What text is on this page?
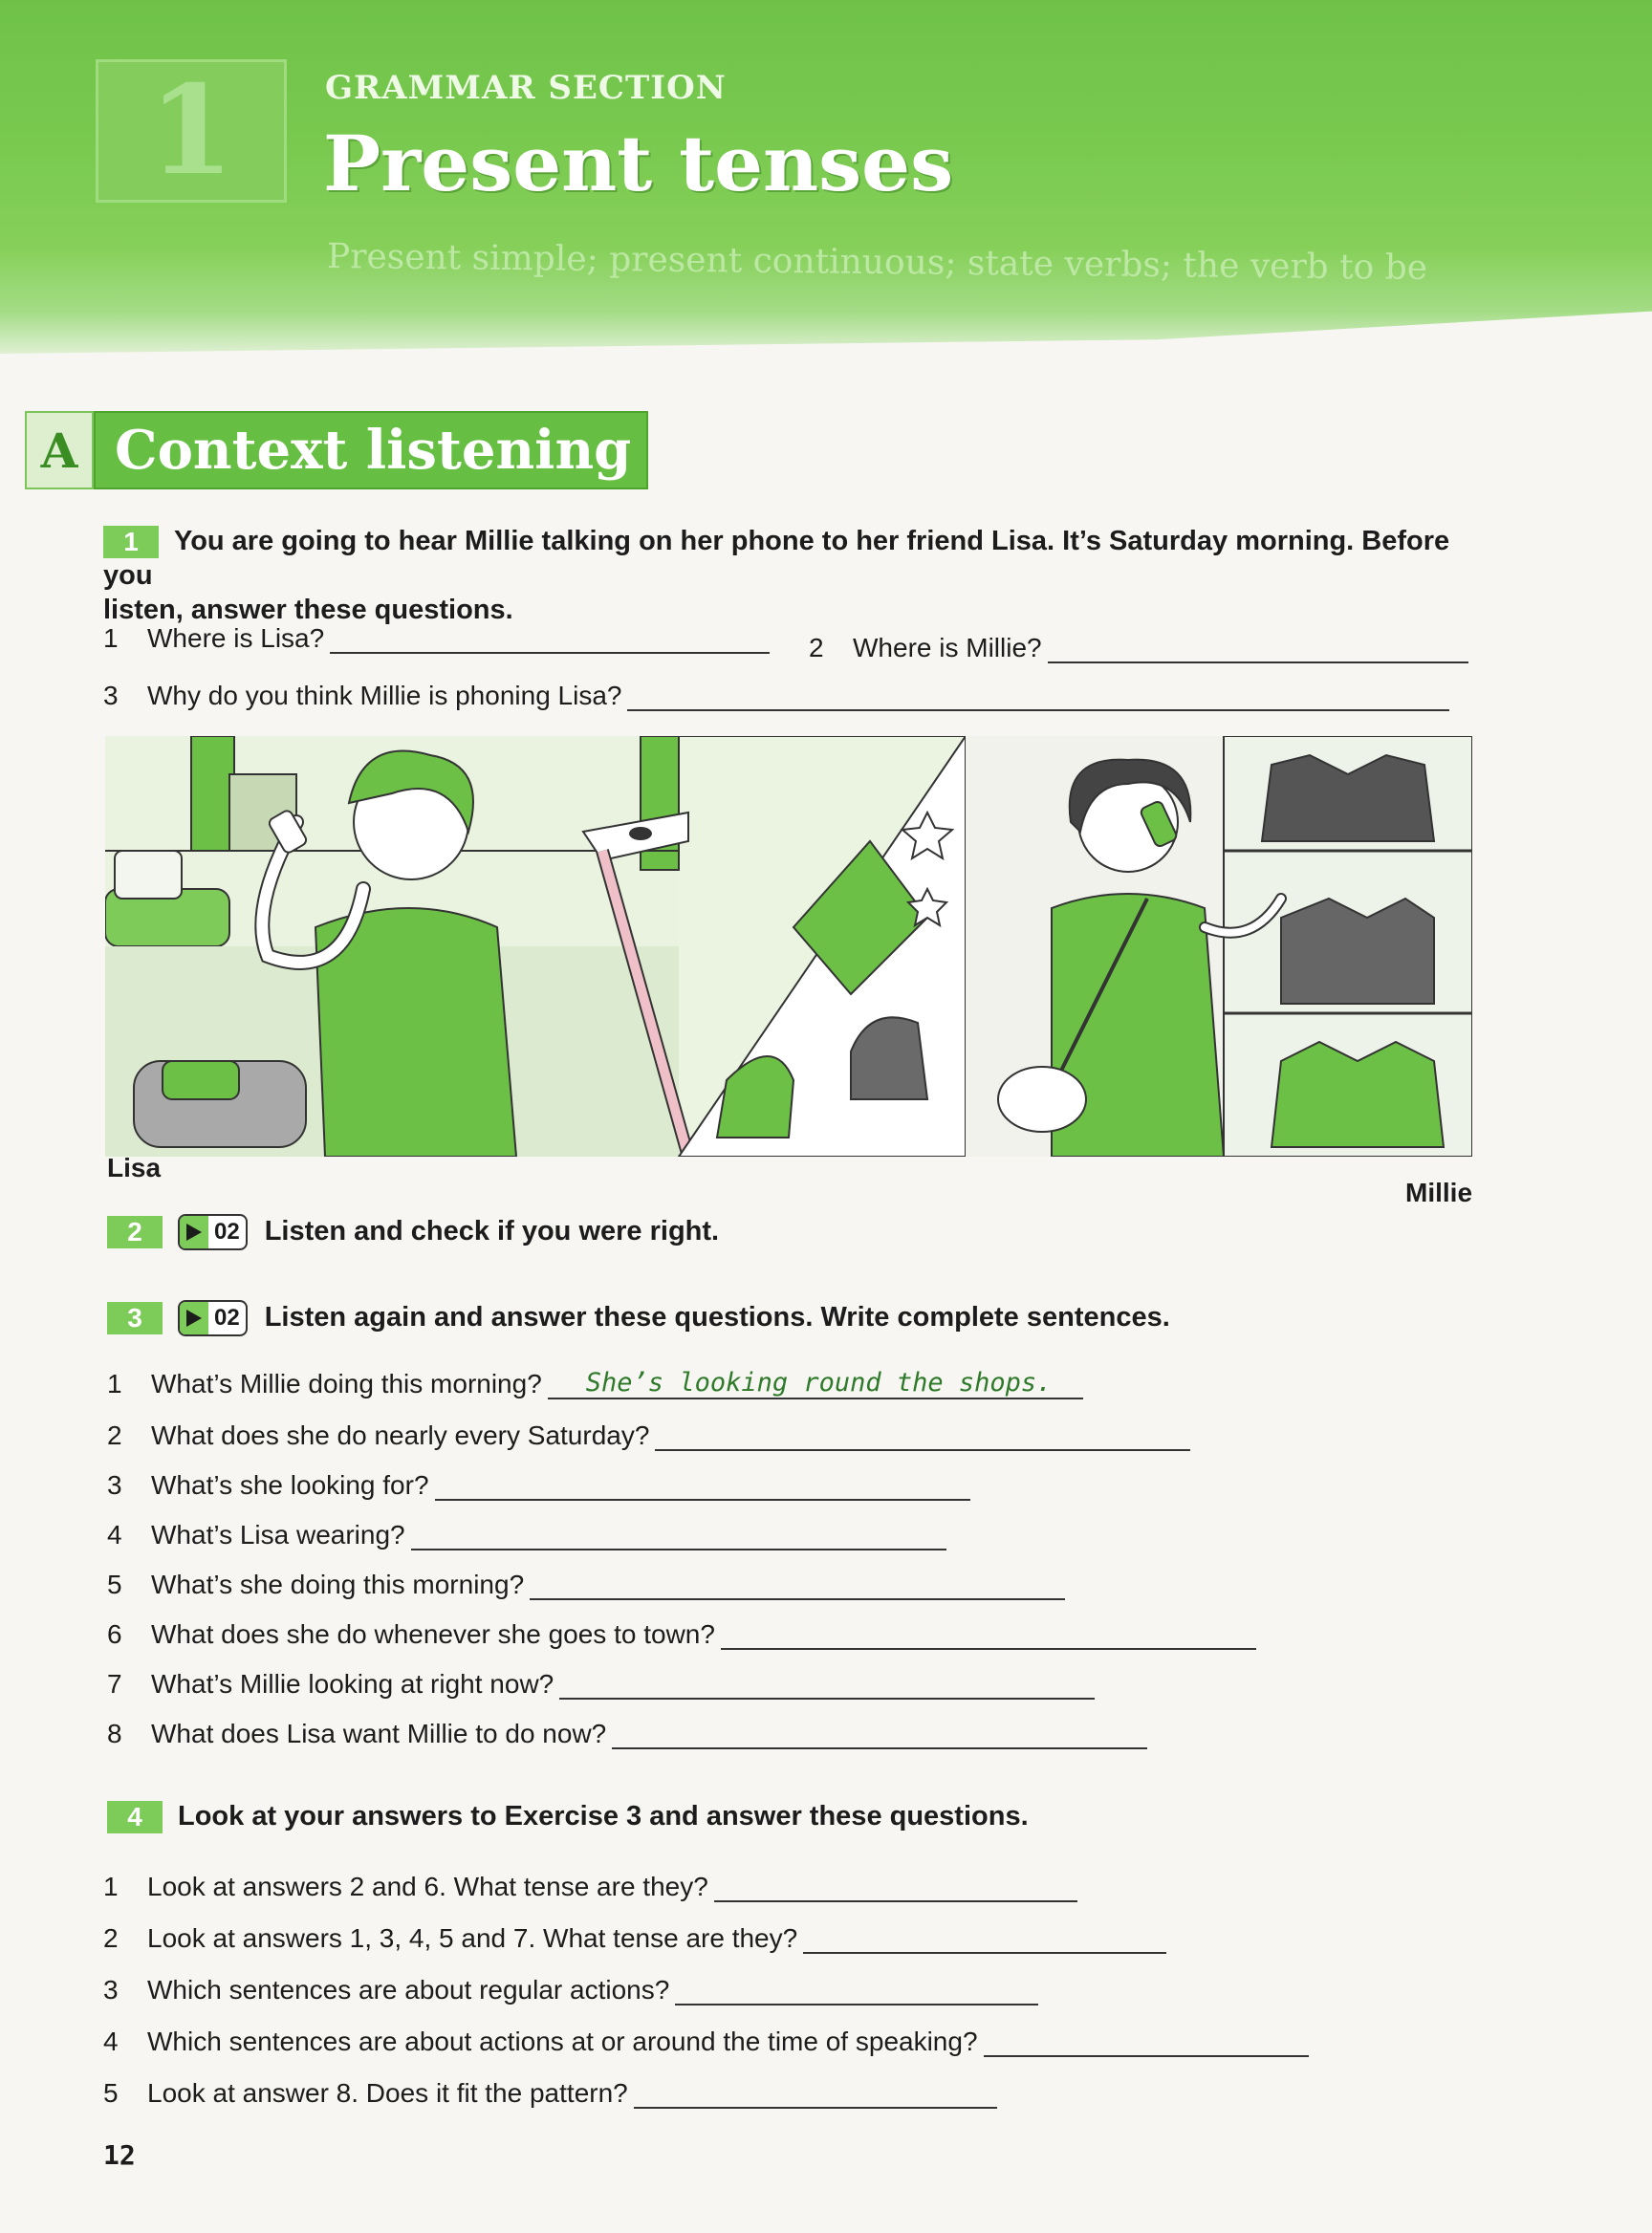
1	GRAMMAR SECTION
Present tenses
Present simple; present continuous; state verbs; the verb to be
A Context listening
1 You are going to hear Millie talking on her phone to her friend Lisa. It’s Saturday morning. Before you
listen, answer these questions.
1	Where is Lisa?	2	Where is Millie?
3	Why do you think Millie is phoning Lisa?
Lisa
Millie
2	02 Listen and check if you were right.
3	02 Listen again and answer these questions. Write complete sentences.
1	What’s Millie doing this morning? She’s looking round the shops.
2	What does she do nearly every Saturday?
3	What’s she looking for?
4	What’s Lisa wearing?
5	What’s she doing this morning?
6	What does she do whenever she goes to town?
7	What’s Millie looking at right now?
8	What does Lisa want Millie to do now?
4 Look at your answers to Exercise 3 and answer these questions.
1	Look at answers 2 and 6. What tense are they?
2	Look at answers 1, 3, 4, 5 and 7. What tense are they?
3	Which sentences are about regular actions?
4	Which sentences are about actions at or around the time of speaking?
5	Look at answer 8. Does it fit the pattern?
12
